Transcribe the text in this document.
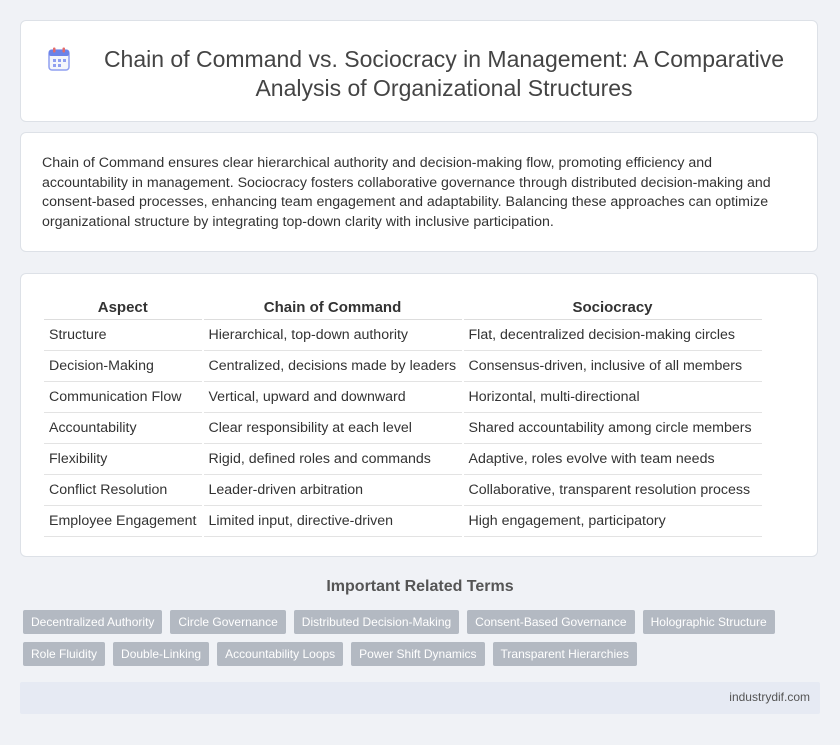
Chain of Command vs. Sociocracy in Management: A Comparative Analysis of Organizational Structures

Chain of Command ensures clear hierarchical authority and decision-making flow, promoting efficiency and accountability in management. Sociocracy fosters collaborative governance through distributed decision-making and consent-based processes, enhancing team engagement and adaptability. Balancing these approaches can optimize organizational structure by integrating top-down clarity with inclusive participation.

Aspect	Chain of Command	Sociocracy
Structure	Hierarchical, top-down authority	Flat, decentralized decision-making circles
Decision-Making	Centralized, decisions made by leaders	Consensus-driven, inclusive of all members
Communication Flow	Vertical, upward and downward	Horizontal, multi-directional
Accountability	Clear responsibility at each level	Shared accountability among circle members
Flexibility	Rigid, defined roles and commands	Adaptive, roles evolve with team needs
Conflict Resolution	Leader-driven arbitration	Collaborative, transparent resolution process
Employee Engagement	Limited input, directive-driven	High engagement, participatory
Important Related Terms
Decentralized Authority	Circle Governance	Distributed Decision-Making	Consent-Based Governance	Holographic Structure
Role Fluidity	Double-Linking	Accountability Loops	Power Shift Dynamics	Transparent Hierarchies
industrydif.com
